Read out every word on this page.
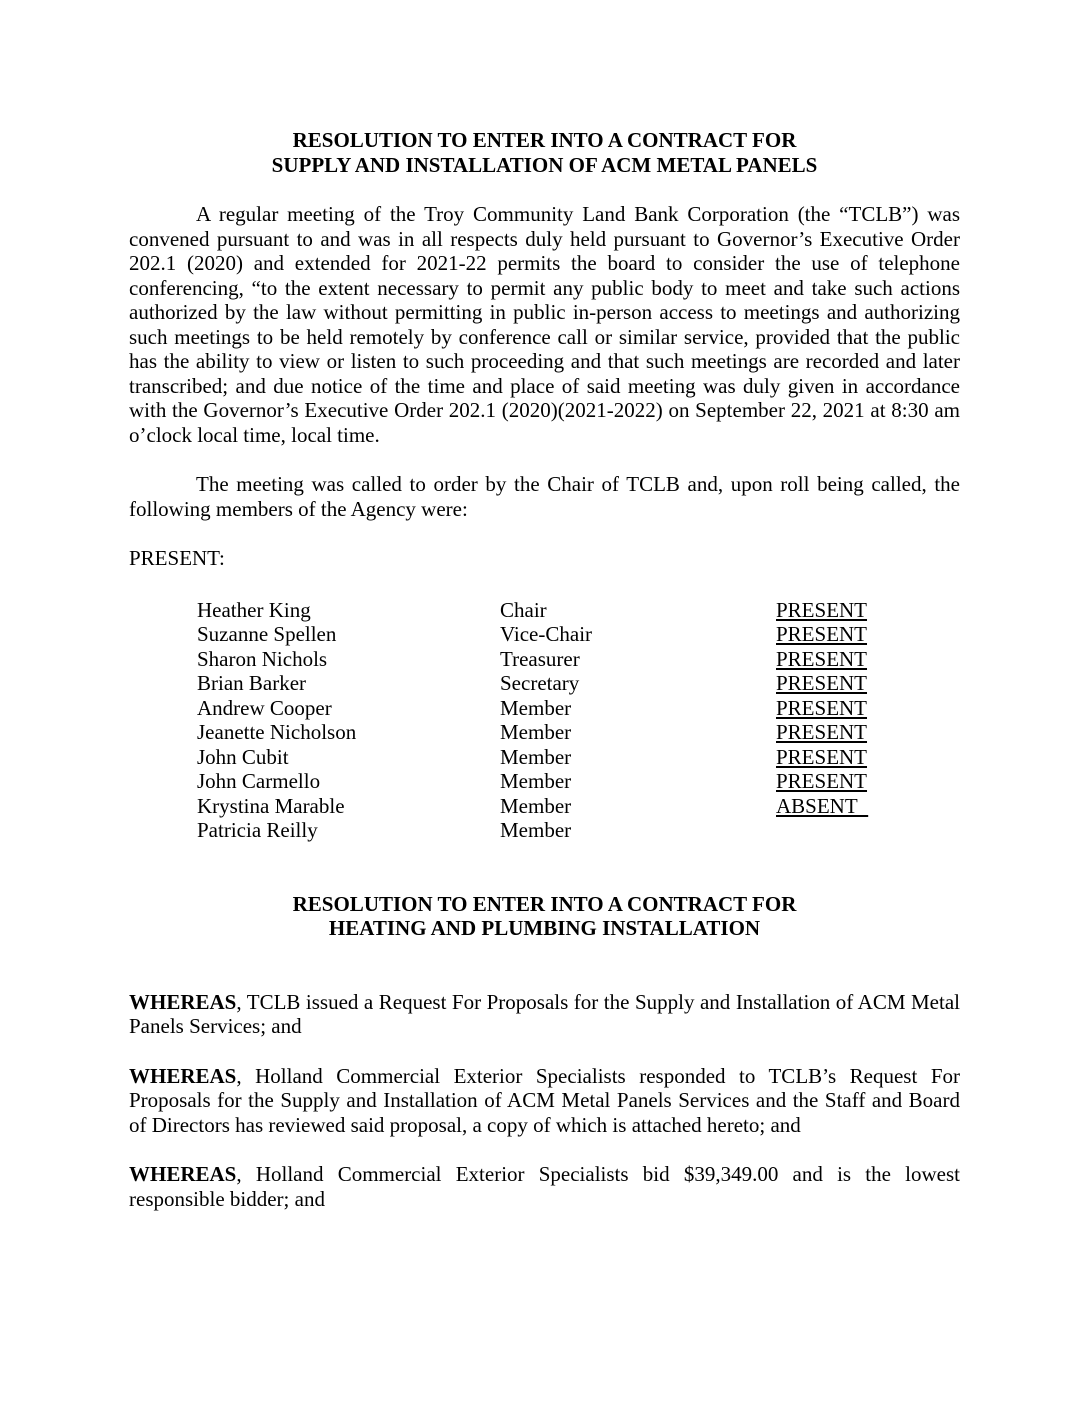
RESOLUTION TO ENTER INTO A CONTRACT FOR
SUPPLY AND INSTALLATION OF ACM METAL PANELS

A regular meeting of the Troy Community Land Bank Corporation (the “TCLB”) was convened pursuant to and was in all respects duly held pursuant to Governor’s Executive Order 202.1 (2020) and extended for 2021-22 permits the board to consider the use of telephone conferencing, “to the extent necessary to permit any public body to meet and take such actions authorized by the law without permitting in public in-person access to meetings and authorizing such meetings to be held remotely by conference call or similar service, provided that the public has the ability to view or listen to such proceeding and that such meetings are recorded and later transcribed; and due notice of the time and place of said meeting was duly given in accordance with the Governor’s Executive Order 202.1 (2020)(2021-2022) on September 22, 2021 at 8:30 am o’clock local time, local time.

The meeting was called to order by the Chair of TCLB and, upon roll being called, the following members of the Agency were:

PRESENT:

Heather King	Chair	PRESENT
Suzanne Spellen	Vice-Chair	PRESENT
Sharon Nichols	Treasurer	PRESENT
Brian Barker	Secretary	PRESENT
Andrew Cooper	Member	PRESENT
Jeanette Nicholson	Member	PRESENT
John Cubit	Member	PRESENT
John Carmello	Member	PRESENT
Krystina Marable	Member	ABSENT
Patricia Reilly	Member
RESOLUTION TO ENTER INTO A CONTRACT FOR
HEATING AND PLUMBING INSTALLATION

WHEREAS, TCLB issued a Request For Proposals for the Supply and Installation of ACM Metal Panels Services; and

WHEREAS, Holland Commercial Exterior Specialists responded to TCLB’s Request For Proposals for the Supply and Installation of ACM Metal Panels Services and the Staff and Board of Directors has reviewed said proposal, a copy of which is attached hereto; and

WHEREAS, Holland Commercial Exterior Specialists bid $39,349.00 and is the lowest responsible bidder; and
